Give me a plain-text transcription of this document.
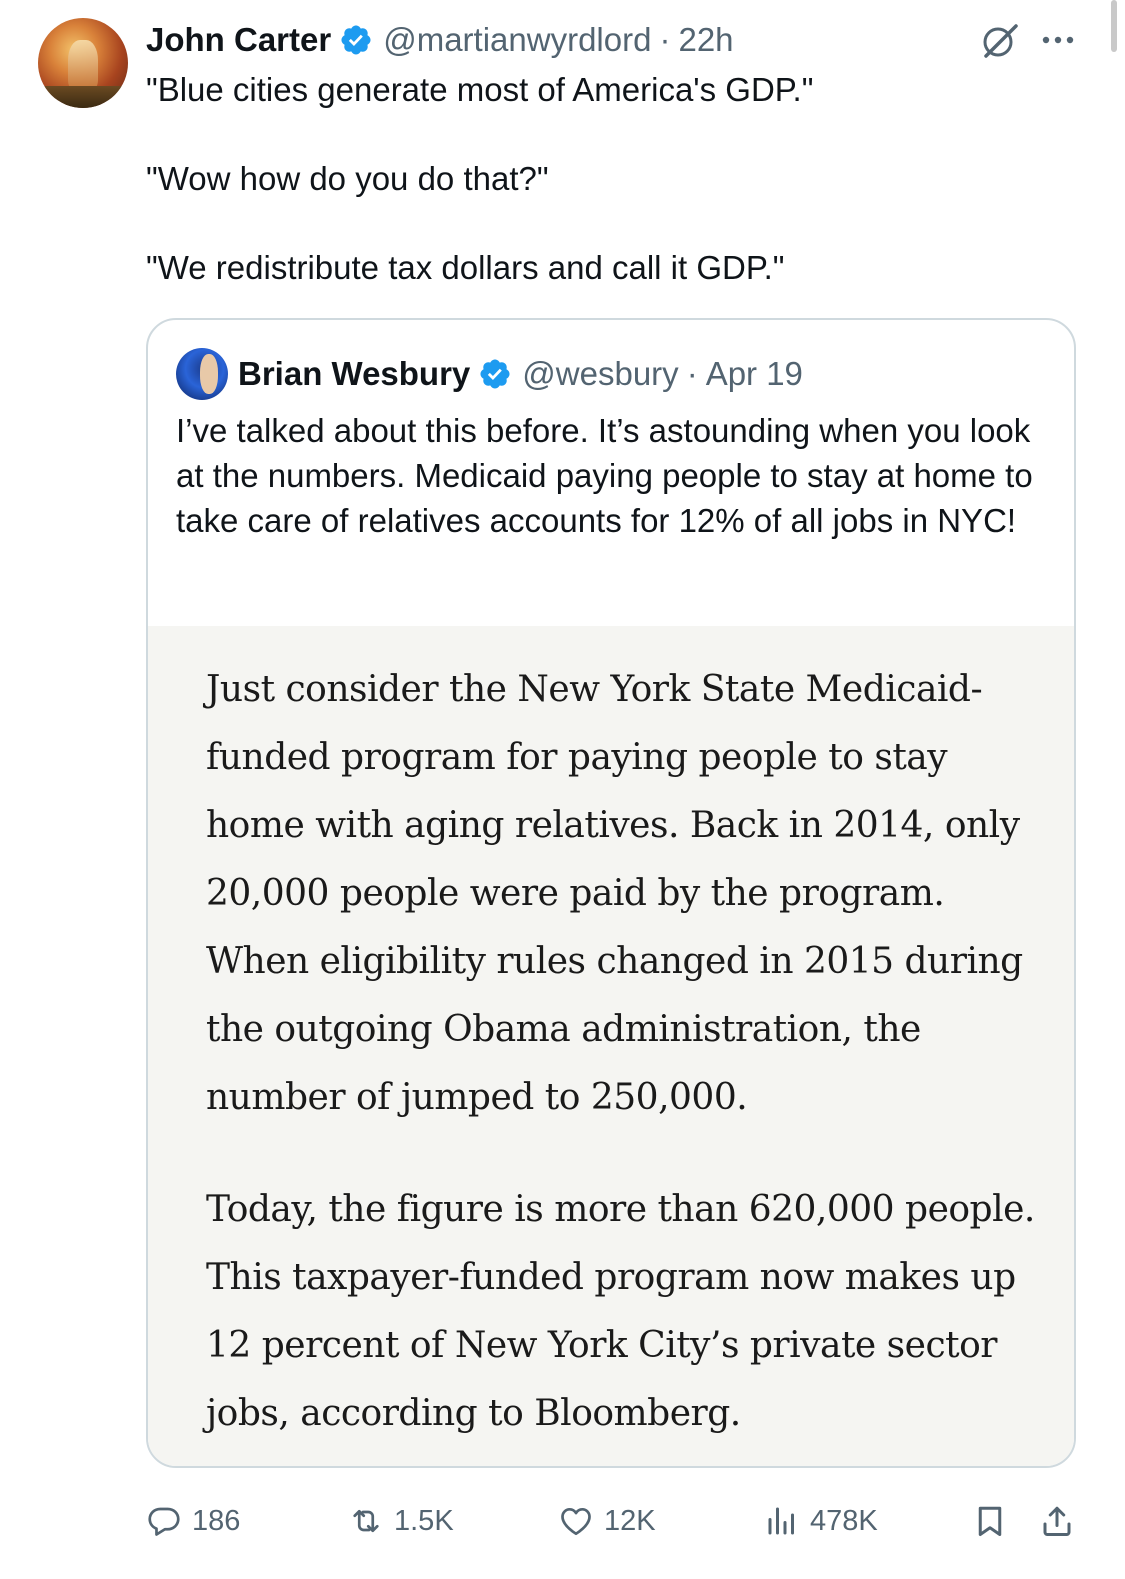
John Carter @martianwyrdlord · 22h

"Blue cities generate most of America's GDP."

"Wow how do you do that?"

"We redistribute tax dollars and call it GDP."

Brian Wesbury @wesbury · Apr 19
I’ve talked about this before. It’s astounding when you look at the numbers. Medicaid paying people to stay at home to take care of relatives accounts for 12% of all jobs in NYC!

Just consider the New York State Medicaid-funded program for paying people to stay home with aging relatives. Back in 2014, only 20,000 people were paid by the program. When eligibility rules changed in 2015 during the outgoing Obama administration, the number of jumped to 250,000.

Today, the figure is more than 620,000 people. This taxpayer-funded program now makes up 12 percent of New York City’s private sector jobs, according to Bloomberg.

186	1.5K	12K	478K
